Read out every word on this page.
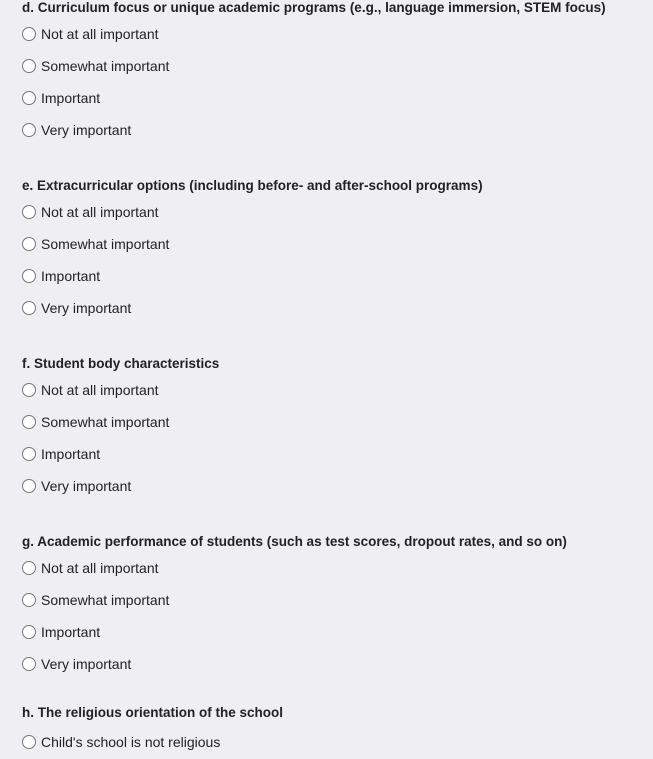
d. Curriculum focus or unique academic programs (e.g., language immersion, STEM focus)
Not at all important
Somewhat important
Important
Very important
e. Extracurricular options (including before- and after-school programs)
Not at all important
Somewhat important
Important
Very important
f. Student body characteristics
Not at all important
Somewhat important
Important
Very important
g. Academic performance of students (such as test scores, dropout rates, and so on)
Not at all important
Somewhat important
Important
Very important
h. The religious orientation of the school
Child's school is not religious
